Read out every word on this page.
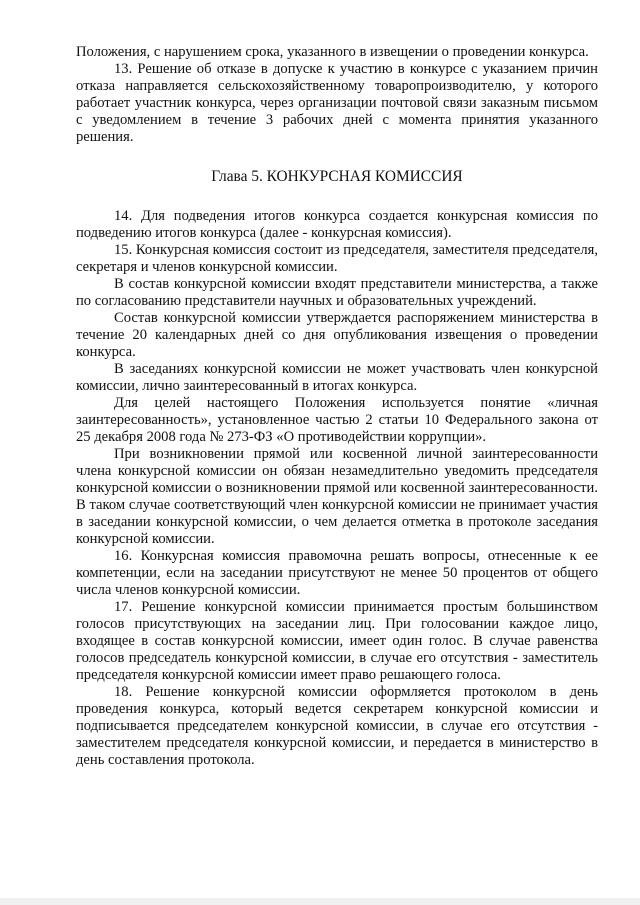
Положения, с нарушением срока, указанного в извещении о проведении конкурса.

13. Решение об отказе в допуске к участию в конкурсе с указанием причин отказа направляется сельскохозяйственному товаропроизводителю, у которого работает участник конкурса, через организации почтовой связи заказным письмом с уведомлением в течение 3 рабочих дней с момента принятия указанного решения.

Глава 5. КОНКУРСНАЯ КОМИССИЯ

14. Для подведения итогов конкурса создается конкурсная комиссия по подведению итогов конкурса (далее - конкурсная комиссия).

15. Конкурсная комиссия состоит из председателя, заместителя председателя, секретаря и членов конкурсной комиссии.

В состав конкурсной комиссии входят представители министерства, а также по согласованию представители научных и образовательных учреждений.

Состав конкурсной комиссии утверждается распоряжением министерства в течение 20 календарных дней со дня опубликования извещения о проведении конкурса.

В заседаниях конкурсной комиссии не может участвовать член конкурсной комиссии, лично заинтересованный в итогах конкурса.

Для целей настоящего Положения используется понятие «личная заинтересованность», установленное частью 2 статьи 10 Федерального закона от 25 декабря 2008 года № 273-ФЗ «О противодействии коррупции».

При возникновении прямой или косвенной личной заинтересованности члена конкурсной комиссии он обязан незамедлительно уведомить председателя конкурсной комиссии о возникновении прямой или косвенной заинтересованности. В таком случае соответствующий член конкурсной комиссии не принимает участия в заседании конкурсной комиссии, о чем делается отметка в протоколе заседания конкурсной комиссии.

16. Конкурсная комиссия правомочна решать вопросы, отнесенные к ее компетенции, если на заседании присутствуют не менее 50 процентов от общего числа членов конкурсной комиссии.

17. Решение конкурсной комиссии принимается простым большинством голосов присутствующих на заседании лиц. При голосовании каждое лицо, входящее в состав конкурсной комиссии, имеет один голос. В случае равенства голосов председатель конкурсной комиссии, в случае его отсутствия - заместитель председателя конкурсной комиссии имеет право решающего голоса.

18. Решение конкурсной комиссии оформляется протоколом в день проведения конкурса, который ведется секретарем конкурсной комиссии и подписывается председателем конкурсной комиссии, в случае его отсутствия - заместителем председателя конкурсной комиссии, и передается в министерство в день составления протокола.
